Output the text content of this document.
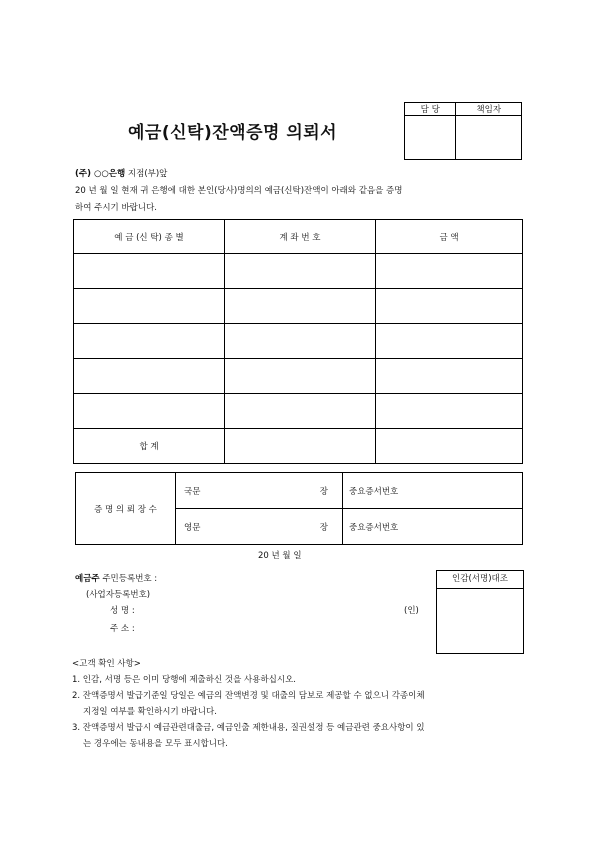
예금(신탁)잔액증명 의뢰서
담 당	책임자

(주) ○○은행 지점(부)앞
20 년 월 일 현재 귀 은행에 대한 본인(당사)명의의 예금(신탁)잔액이 아래와 같음을 증명
하여 주시기 바랍니다.
예 금 (신 탁) 종 별	계 좌 번 호	금 액

합 계		
증 명 의 뢰 장 수	국문 장	중요증서번호

	영문 장	중요증서번호
20 년 월 일
예금주 주민등록번호 :
(사업자등록번호)
성 명 :	(인)
주 소 :
인감(서명)대조
<고객 확인 사항>
1. 인감, 서명 등은 이미 당행에 제출하신 것을 사용하십시오.
2. 잔액증명서 발급기준일 당일은 예금의 잔액변경 및 대출의 담보로 제공할 수 없으니 각종이체
지정일 여부를 확인하시기 바랍니다.
3. 잔액증명서 발급시 예금관련대출금, 예금인출 제한내용, 질권설정 등 예금관련 중요사항이 있
는 경우에는 동내용을 모두 표시합니다.
